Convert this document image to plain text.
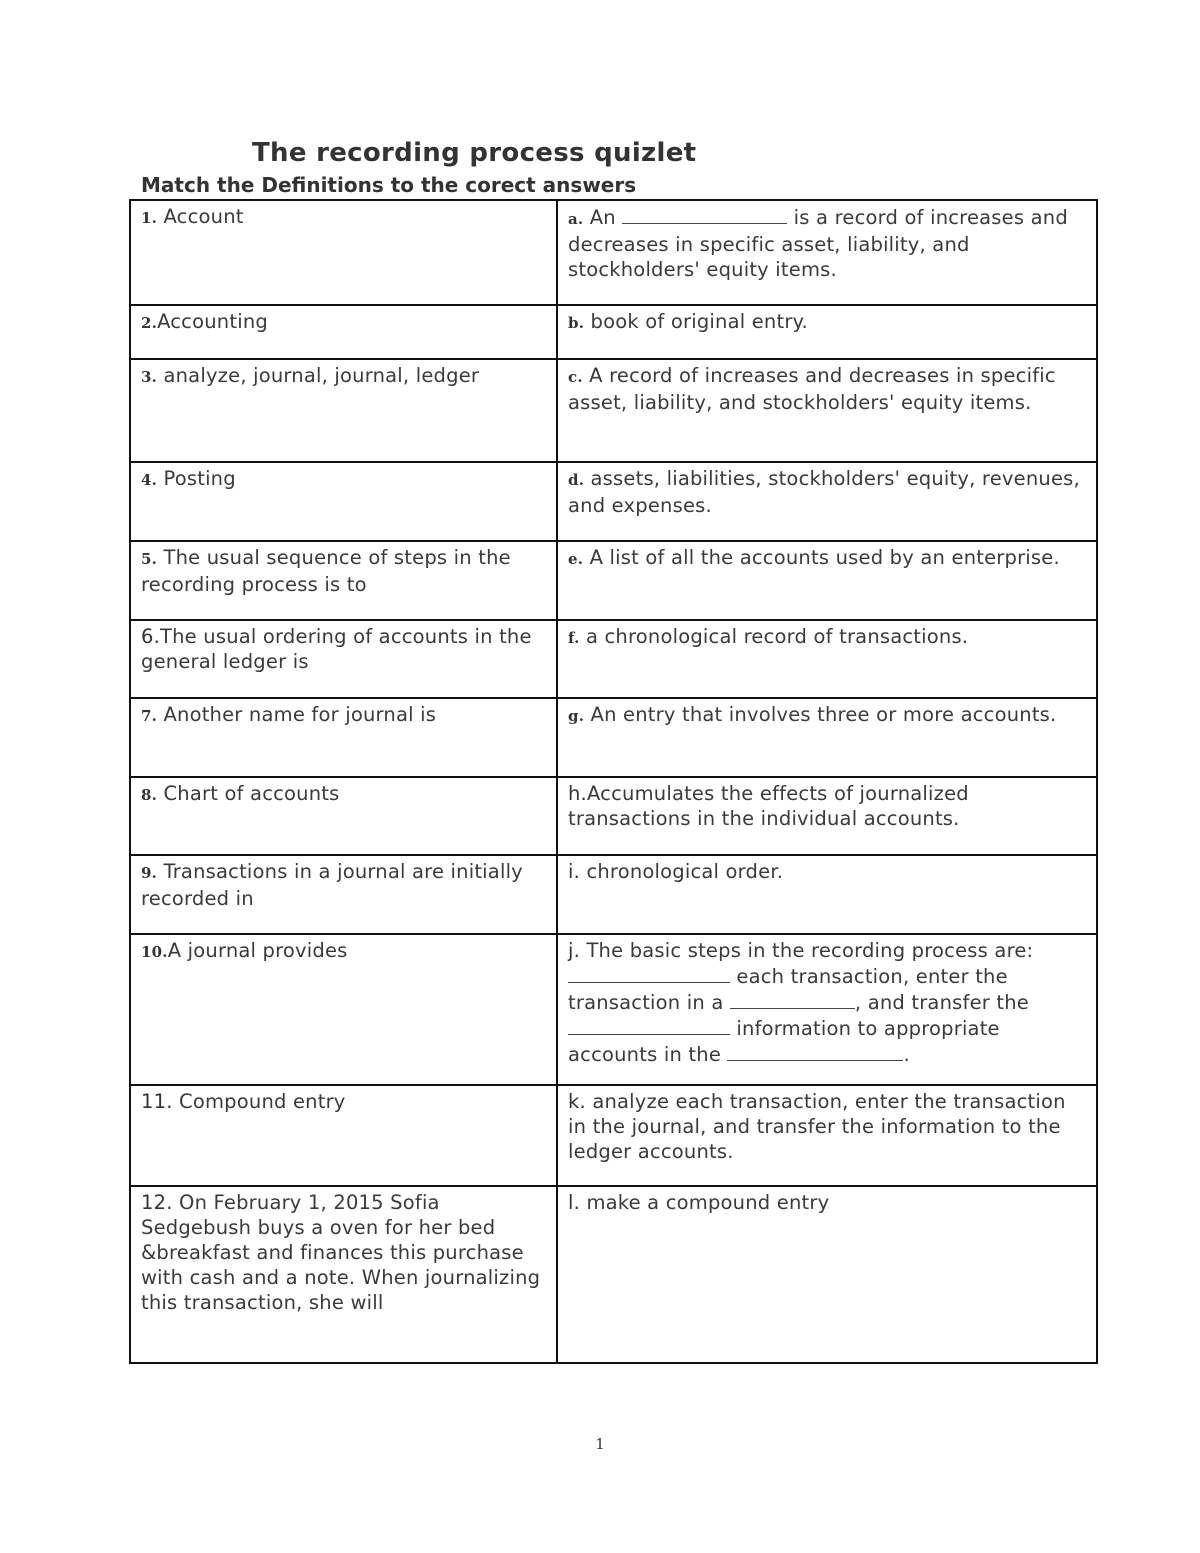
The recording process quizlet
Match the Definitions to the corect answers
1. Account	a. An is a record of increases and decreases in specific asset, liability, and stockholders' equity items.
2.Accounting	b. book of original entry.
3. analyze, journal, journal, ledger	c. A record of increases and decreases in specific asset, liability, and stockholders' equity items.
4. Posting	d. assets, liabilities, stockholders' equity, revenues, and expenses.
5. The usual sequence of steps in the recording process is to	e. A list of all the accounts used by an enterprise.
6.The usual ordering of accounts in the general ledger is	f. a chronological record of transactions.
7. Another name for journal is	g. An entry that involves three or more accounts.
8. Chart of accounts	h.Accumulates the effects of journalized transactions in the individual accounts.
9. Transactions in a journal are initially recorded in	i. chronological order.
10.A journal provides	j. The basic steps in the recording process are:  each transaction, enter the transaction in a , and transfer the  information to appropriate accounts in the .
11. Compound entry	k. analyze each transaction, enter the transaction in the journal, and transfer the information to the ledger accounts.
12. On February 1, 2015 Sofia Sedgebush buys a oven for her bed &breakfast and finances this purchase with cash and a note. When journalizing this transaction, she will	l. make a compound entry
1
